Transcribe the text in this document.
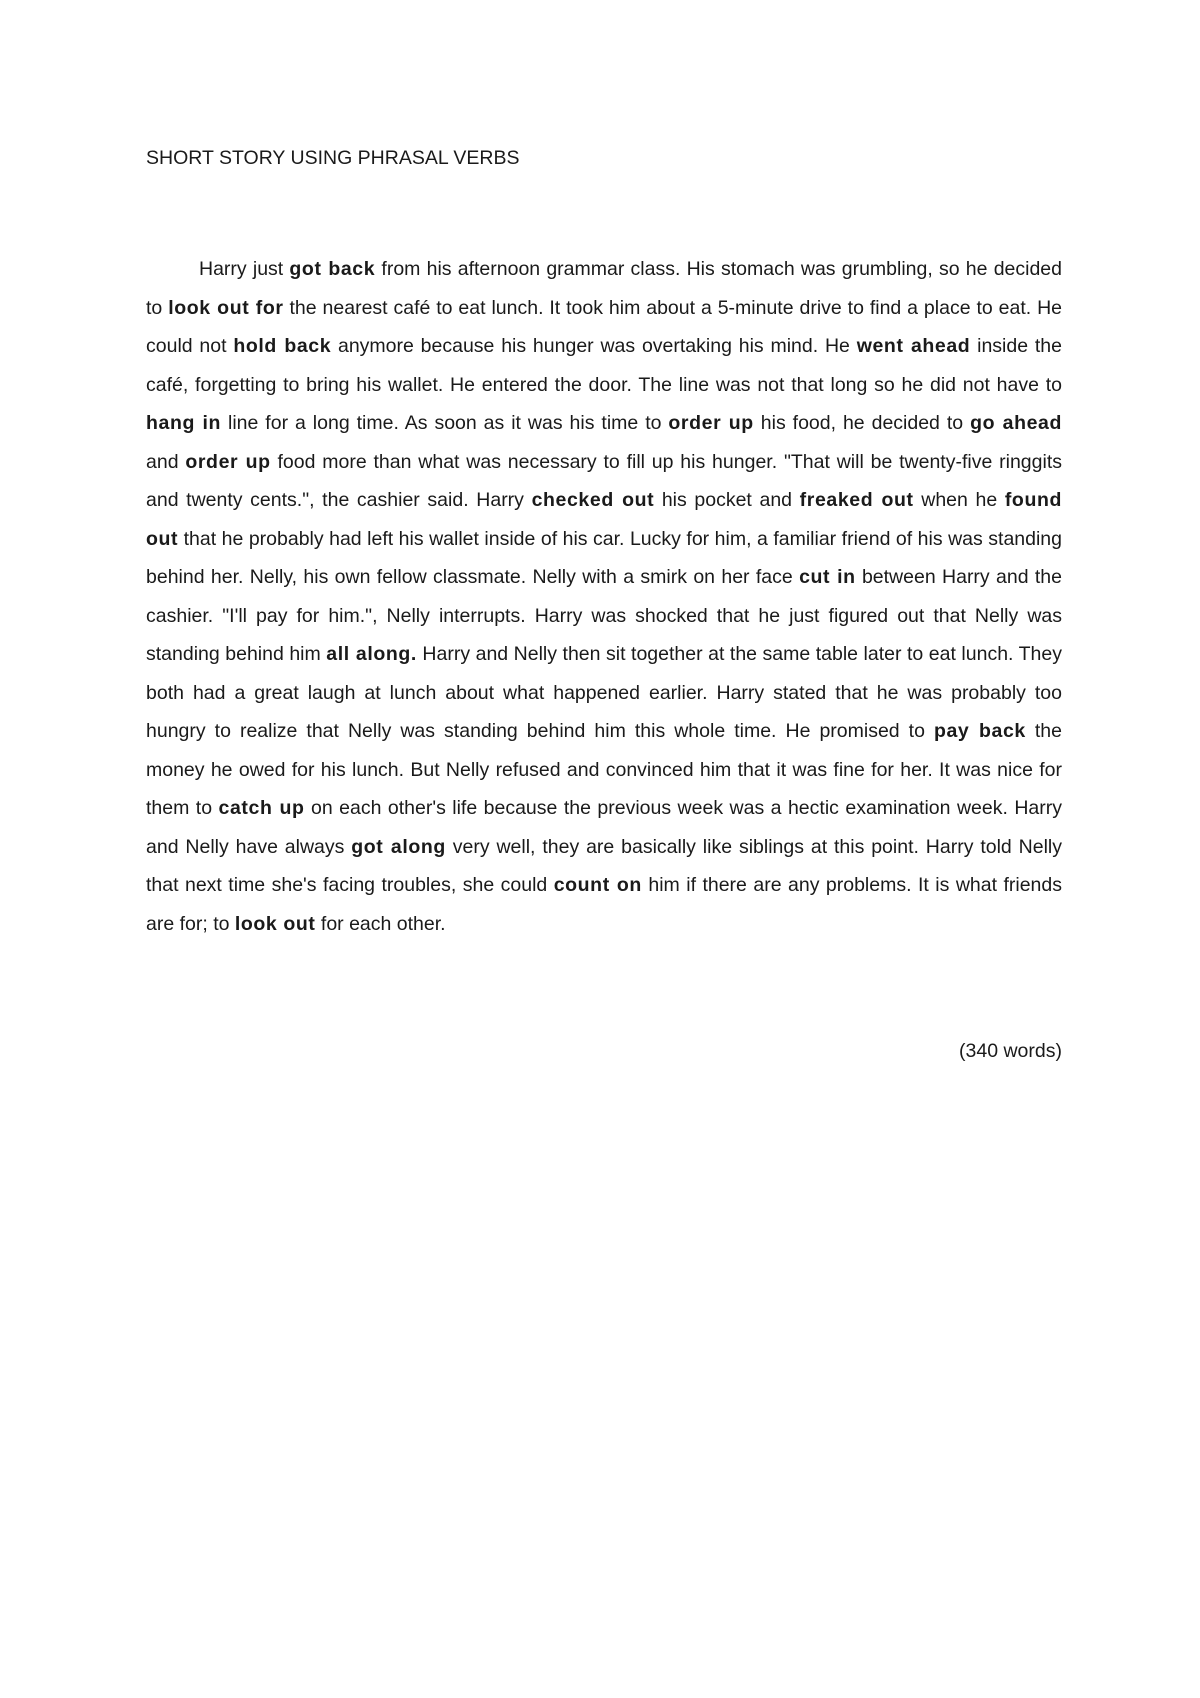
SHORT STORY USING PHRASAL VERBS

Harry just got back from his afternoon grammar class. His stomach was grumbling, so he decided to look out for the nearest café to eat lunch. It took him about a 5-minute drive to find a place to eat. He could not hold back anymore because his hunger was overtaking his mind. He went ahead inside the café, forgetting to bring his wallet. He entered the door. The line was not that long so he did not have to hang in line for a long time. As soon as it was his time to order up his food, he decided to go ahead and order up food more than what was necessary to fill up his hunger. "That will be twenty-five ringgits and twenty cents.", the cashier said. Harry checked out his pocket and freaked out when he found out that he probably had left his wallet inside of his car. Lucky for him, a familiar friend of his was standing behind her. Nelly, his own fellow classmate. Nelly with a smirk on her face cut in between Harry and the cashier. "I'll pay for him.", Nelly interrupts. Harry was shocked that he just figured out that Nelly was standing behind him all along. Harry and Nelly then sit together at the same table later to eat lunch. They both had a great laugh at lunch about what happened earlier. Harry stated that he was probably too hungry to realize that Nelly was standing behind him this whole time. He promised to pay back the money he owed for his lunch. But Nelly refused and convinced him that it was fine for her. It was nice for them to catch up on each other's life because the previous week was a hectic examination week. Harry and Nelly have always got along very well, they are basically like siblings at this point. Harry told Nelly that next time she's facing troubles, she could count on him if there are any problems. It is what friends are for; to look out for each other.

(340 words)
